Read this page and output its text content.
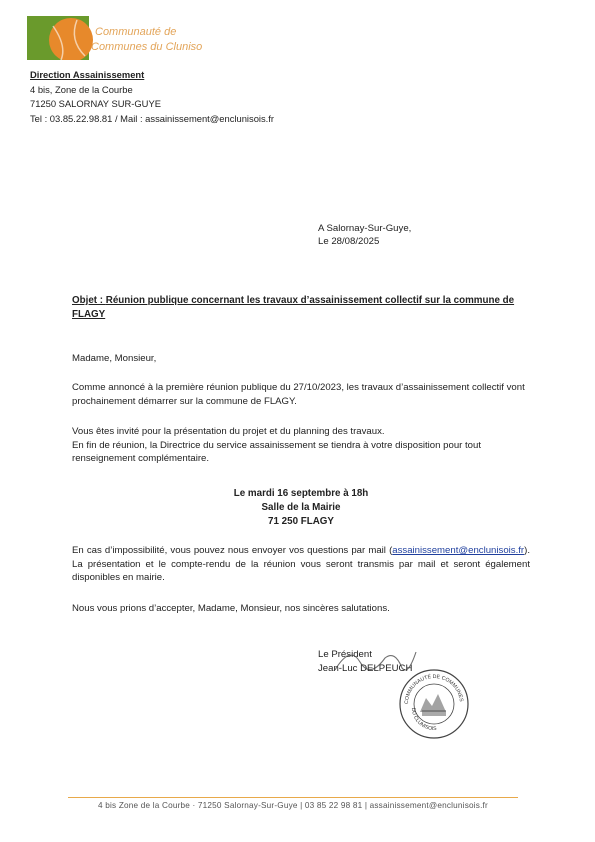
Communauté de
Communes du Clunisois
Direction Assainissement
4 bis, Zone de la Courbe
71250 SALORNAY SUR-GUYE
Tel : 03.85.22.98.81 / Mail : assainissement@enclunisois.fr
A Salornay-Sur-Guye,
Le 28/08/2025
Objet : Réunion publique concernant les travaux d’assainissement collectif sur la commune de FLAGY
Madame, Monsieur,
Comme annoncé à la première réunion publique du 27/10/2023, les travaux d’assainissement collectif vont prochainement démarrer sur la commune de FLAGY.
Vous êtes invité pour la présentation du projet et du planning des travaux.
En fin de réunion, la Directrice du service assainissement se tiendra à votre disposition pour tout renseignement complémentaire.
Le mardi 16 septembre à 18h
Salle de la Mairie
71 250 FLAGY
En cas d’impossibilité, vous pouvez nous envoyer vos questions par mail (assainissement@enclunisois.fr). La présentation et le compte-rendu de la réunion vous seront transmis par mail et seront également disponibles en mairie.
Nous vous prions d’accepter, Madame, Monsieur, nos sincères salutations.
Le Président
Jean-Luc DELPEUCH
COMMUNAUTÉ DE COMMUNES
DU CLUNISOIS
4 bis Zone de la Courbe · 71250 Salornay-Sur-Guye | 03 85 22 98 81 | assainissement@enclunisois.fr
